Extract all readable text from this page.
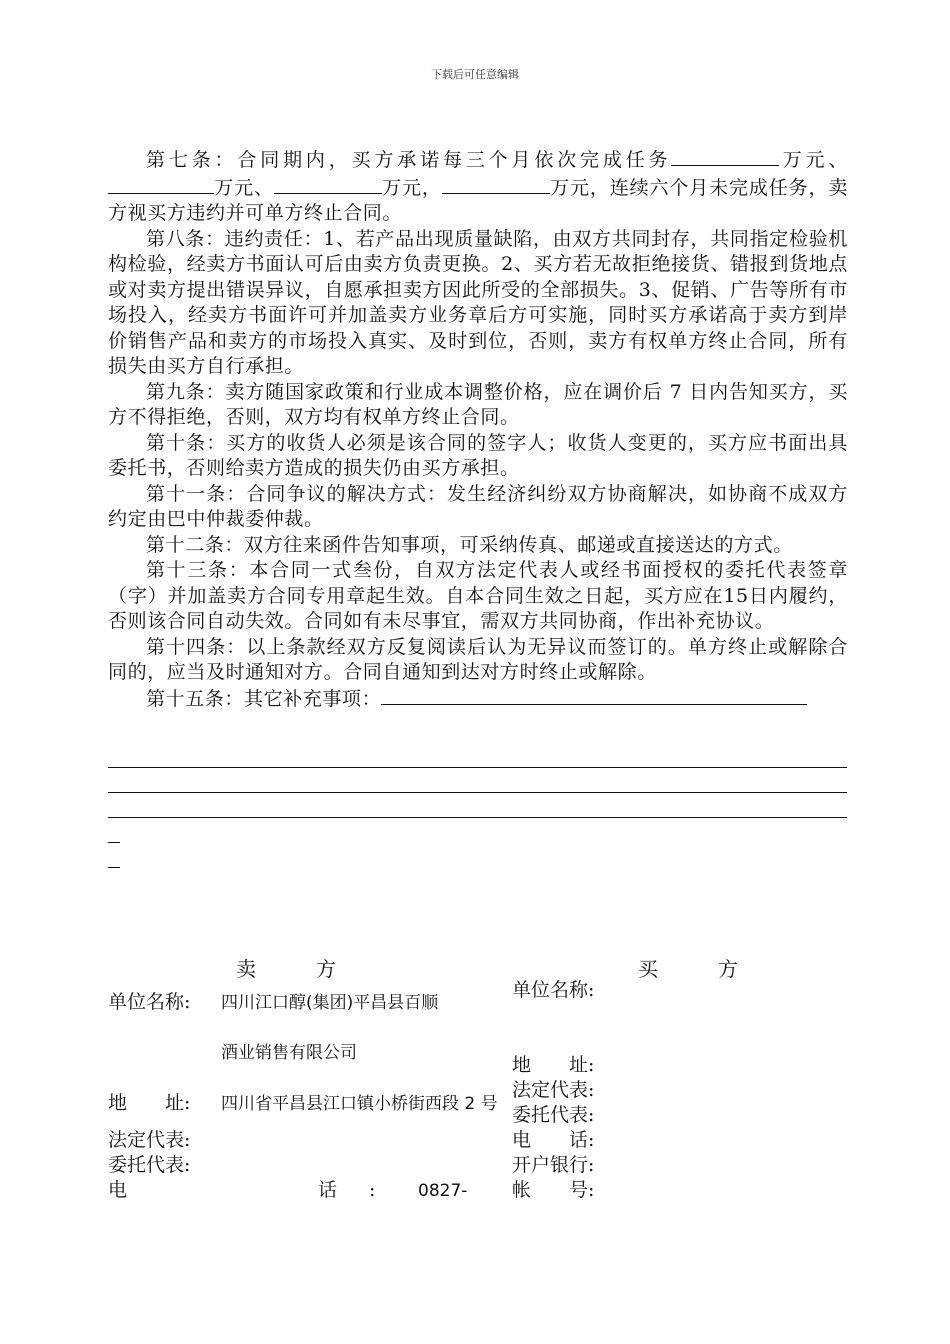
下载后可任意编辑

第七条：合同期内，买方承诺每三个月依次完成任务	万元、万元、	万元，	万元，连续六个月未完成任务，卖方视买方违约并可单方终止合同。

第八条：违约责任：1、若产品出现质量缺陷，由双方共同封存，共同指定检验机构检验，经卖方书面认可后由卖方负责更换。2、买方若无故拒绝接货、错报到货地点或对卖方提出错误异议，自愿承担卖方因此所受的全部损失。3、促销、广告等所有市场投入，经卖方书面许可并加盖卖方业务章后方可实施，同时买方承诺高于卖方到岸价销售产品和卖方的市场投入真实、及时到位，否则，卖方有权单方终止合同，所有损失由买方自行承担。

第九条：卖方随国家政策和行业成本调整价格，应在调价后 7 日内告知买方，买方不得拒绝，否则，双方均有权单方终止合同。

第十条：买方的收货人必须是该合同的签字人；收货人变更的，买方应书面出具委托书，否则给卖方造成的损失仍由买方承担。

第十一条：合同争议的解决方式：发生经济纠纷双方协商解决，如协商不成双方约定由巴中仲裁委仲裁。

第十二条：双方往来函件告知事项，可采纳传真、邮递或直接送达的方式。

第十三条：本合同一式叁份，自双方法定代表人或经书面授权的委托代表签章（字）并加盖卖方合同专用章起生效。自本合同生效之日起，买方应在15日内履约，否则该合同自动失效。合同如有未尽事宜，需双方共同协商，作出补充协议。

第十四条：以上条款经双方反复阅读后认为无异议而签订的。单方终止或解除合同的，应当及时通知对方。合同自通知到达对方时终止或解除。

第十五条：其它补充事项：

卖　　　方
单位名称: 四川江口醇(集团)平昌县百顺
酒业销售有限公司
地　　址: 四川省平昌县江口镇小桥街西段 2 号
法定代表:
委托代表:
电	话 :	0827-
买　　　方
单位名称:
地　　址:
法定代表:
委托代表:
电　　话:
开户银行:
帐　　号:
